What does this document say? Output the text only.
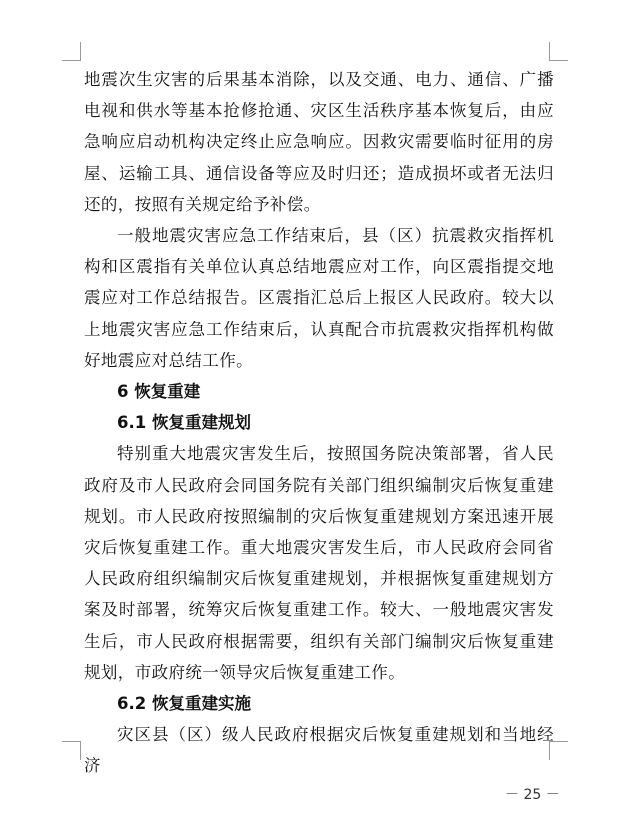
地震次生灾害的后果基本消除，以及交通、电力、通信、广播电视和供水等基本抢修抢通、灾区生活秩序基本恢复后，由应急响应启动机构决定终止应急响应。因救灾需要临时征用的房屋、运输工具、通信设备等应及时归还；造成损坏或者无法归还的，按照有关规定给予补偿。

一般地震灾害应急工作结束后，县（区）抗震救灾指挥机构和区震指有关单位认真总结地震应对工作，向区震指提交地震应对工作总结报告。区震指汇总后上报区人民政府。较大以上地震灾害应急工作结束后，认真配合市抗震救灾指挥机构做好地震应对总结工作。

6 恢复重建

6.1 恢复重建规划

特别重大地震灾害发生后，按照国务院决策部署，省人民政府及市人民政府会同国务院有关部门组织编制灾后恢复重建规划。市人民政府按照编制的灾后恢复重建规划方案迅速开展灾后恢复重建工作。重大地震灾害发生后，市人民政府会同省人民政府组织编制灾后恢复重建规划，并根据恢复重建规划方案及时部署，统筹灾后恢复重建工作。较大、一般地震灾害发生后，市人民政府根据需要，组织有关部门编制灾后恢复重建规划，市政府统一领导灾后恢复重建工作。

6.2 恢复重建实施

灾区县（区）级人民政府根据灾后恢复重建规划和当地经济

－ 25 －
